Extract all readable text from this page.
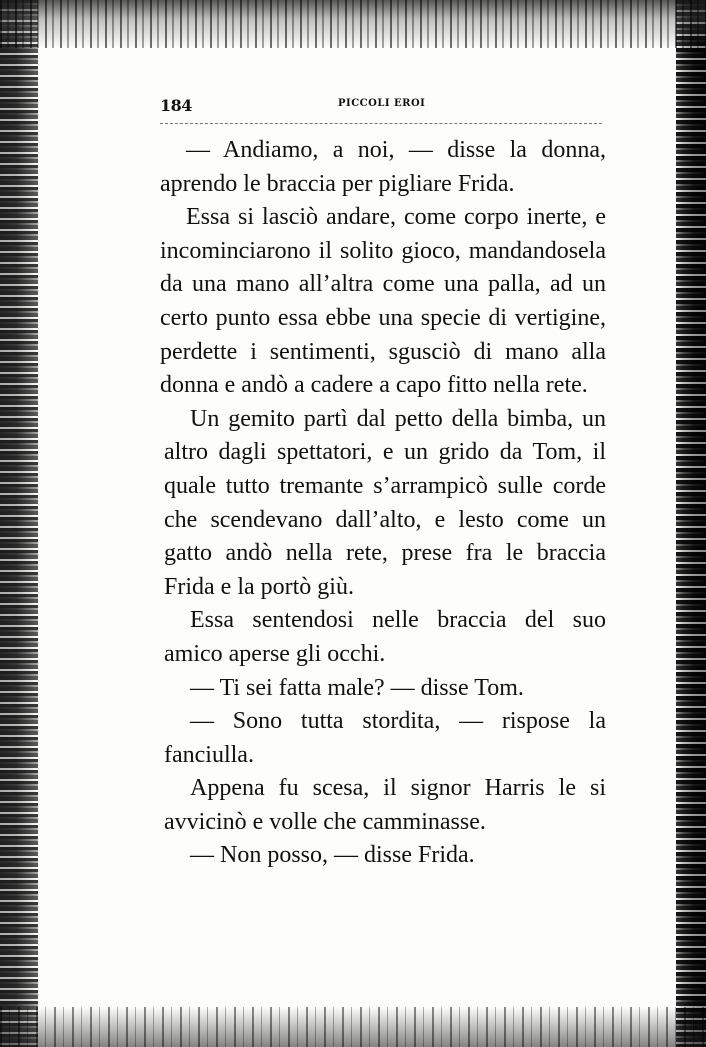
184	PICCOLI EROI

— Andiamo, a noi, — disse la donna, aprendo le braccia per pigliare Frida.

Essa si lasciò andare, come corpo inerte, e incominciarono il solito gioco, mandandosela da una mano all’altra come una palla, ad un certo punto essa ebbe una specie di vertigine, perdette i sentimenti, sgusciò di mano alla donna e andò a cadere a capo fitto nella rete.

Un gemito partì dal petto della bimba, un altro dagli spettatori, e un grido da Tom, il quale tutto tremante s’arrampicò sulle corde che scendevano dall’alto, e lesto come un gatto andò nella rete, prese fra le braccia Frida e la portò giù.

Essa sentendosi nelle braccia del suo amico aperse gli occhi.

— Ti sei fatta male? — disse Tom.

— Sono tutta stordita, — rispose la fanciulla.

Appena fu scesa, il signor Harris le si avvicinò e volle che camminasse.

— Non posso, — disse Frida.
